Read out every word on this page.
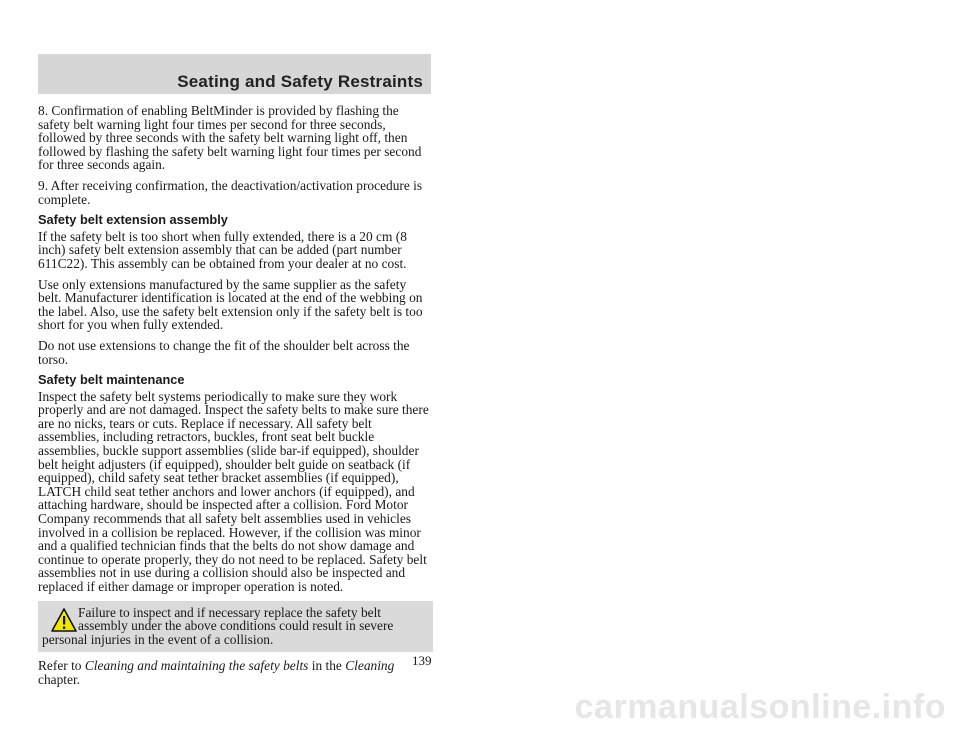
Seating and Safety Restraints

8. Confirmation of enabling BeltMinder is provided by flashing the safety belt warning light four times per second for three seconds, followed by three seconds with the safety belt warning light off, then followed by flashing the safety belt warning light four times per second for three seconds again.

9. After receiving confirmation, the deactivation/activation procedure is complete.

Safety belt extension assembly

If the safety belt is too short when fully extended, there is a 20 cm (8 inch) safety belt extension assembly that can be added (part number 611C22). This assembly can be obtained from your dealer at no cost.

Use only extensions manufactured by the same supplier as the safety belt. Manufacturer identification is located at the end of the webbing on the label. Also, use the safety belt extension only if the safety belt is too short for you when fully extended.

Do not use extensions to change the fit of the shoulder belt across the torso.

Safety belt maintenance

Inspect the safety belt systems periodically to make sure they work properly and are not damaged. Inspect the safety belts to make sure there are no nicks, tears or cuts. Replace if necessary. All safety belt assemblies, including retractors, buckles, front seat belt buckle assemblies, buckle support assemblies (slide bar-if equipped), shoulder belt height adjusters (if equipped), shoulder belt guide on seatback (if equipped), child safety seat tether bracket assemblies (if equipped), LATCH child seat tether anchors and lower anchors (if equipped), and attaching hardware, should be inspected after a collision. Ford Motor Company recommends that all safety belt assemblies used in vehicles involved in a collision be replaced. However, if the collision was minor and a qualified technician finds that the belts do not show damage and continue to operate properly, they do not need to be replaced. Safety belt assemblies not in use during a collision should also be inspected and replaced if either damage or improper operation is noted.

Failure to inspect and if necessary replace the safety belt assembly under the above conditions could result in severe
personal injuries in the event of a collision.

Refer to Cleaning and maintaining the safety belts in the Cleaning chapter.

139
carmanualsonline.info
